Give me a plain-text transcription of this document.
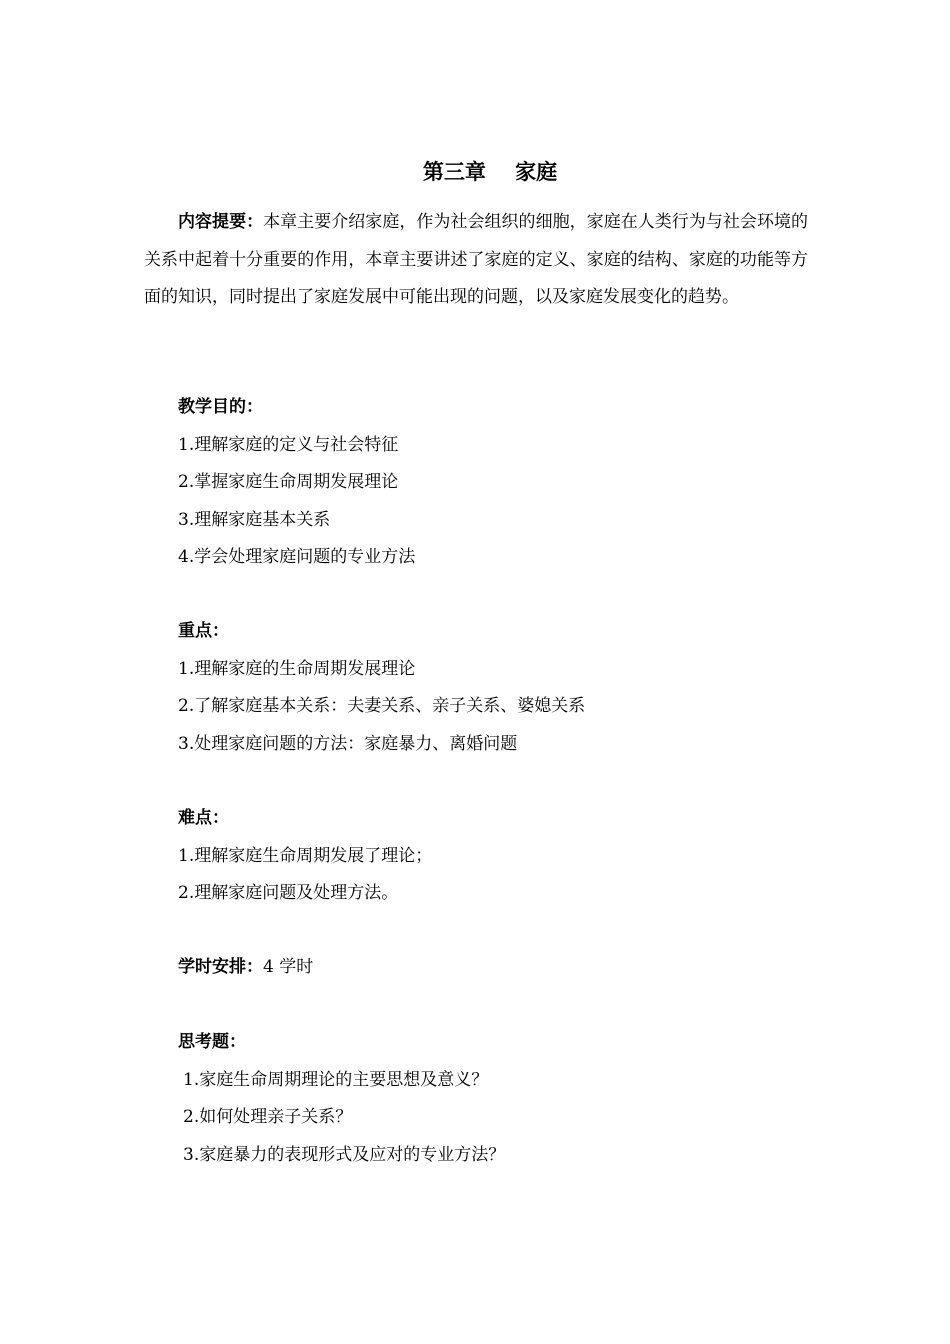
第三章    家庭
内容提要：本章主要介绍家庭，作为社会组织的细胞，家庭在人类行为与社会环境的关系中起着十分重要的作用，本章主要讲述了家庭的定义、家庭的结构、家庭的功能等方面的知识，同时提出了家庭发展中可能出现的问题，以及家庭发展变化的趋势。
教学目的：
1.理解家庭的定义与社会特征
2.掌握家庭生命周期发展理论
3.理解家庭基本关系
4.学会处理家庭问题的专业方法
重点：
1.理解家庭的生命周期发展理论
2.了解家庭基本关系：夫妻关系、亲子关系、婆媳关系
3.处理家庭问题的方法：家庭暴力、离婚问题
难点：
1.理解家庭生命周期发展了理论；
2.理解家庭问题及处理方法。
学时安排：4 学时
思考题：
1.家庭生命周期理论的主要思想及意义？
2.如何处理亲子关系？
3.家庭暴力的表现形式及应对的专业方法？
